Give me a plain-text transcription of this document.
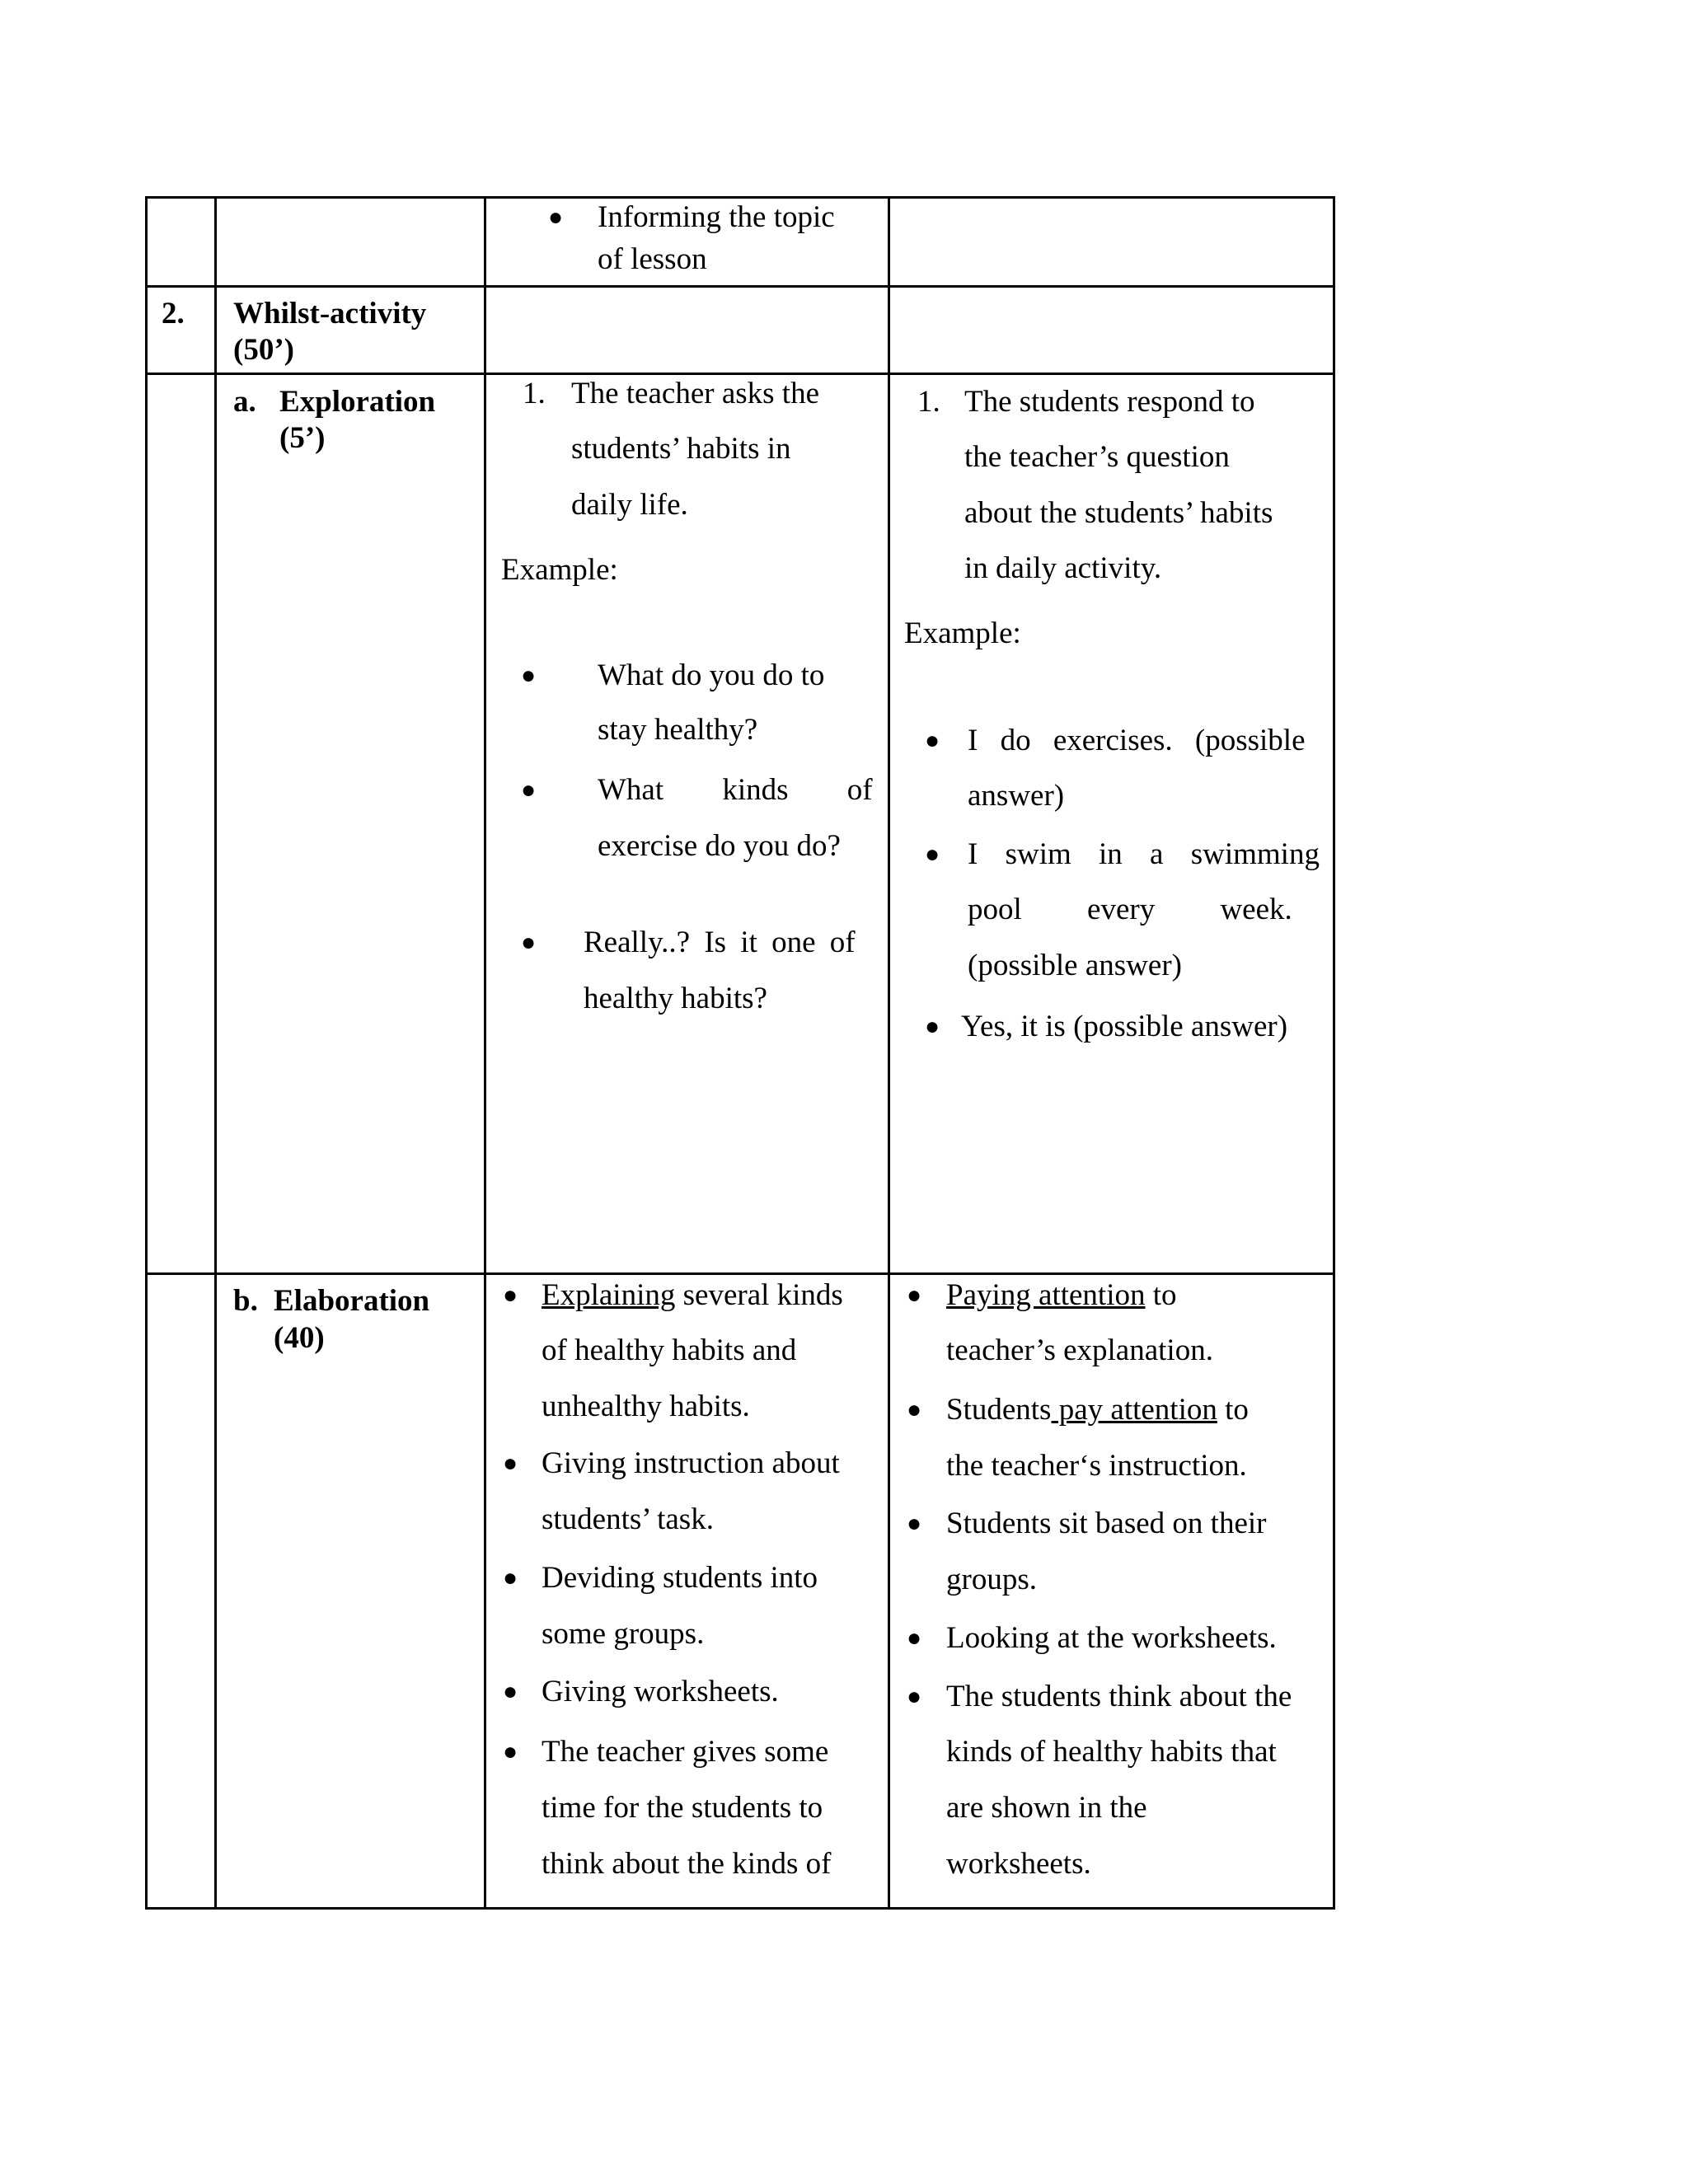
● Informing the topic
of lesson
2. Whilst-activity
(50’)
a. Exploration
(5’)
1. The teacher asks the
students’ habits in
daily life.
Example:
● What do you do to
stay healthy?
● What kinds of
exercise do you do?
● Really..? Is it one of
healthy habits?
1. The students respond to
the teacher’s question
about the students’ habits
in daily activity.
Example:
● I do exercises. (possible
answer)
● I swim in a swimming
pool every week.
(possible answer)
● Yes, it is (possible answer)
b. Elaboration
(40)
● Explaining several kinds
of healthy habits and
unhealthy habits.
● Giving instruction about
students’ task.
● Deviding students into
some groups.
● Giving worksheets.
● The teacher gives some
time for the students to
think about the kinds of
● Paying attention to
teacher’s explanation.
● Students pay attention to
the teacher‘s instruction.
● Students sit based on their
groups.
● Looking at the worksheets.
● The students think about the
kinds of healthy habits that
are shown in the
worksheets.
